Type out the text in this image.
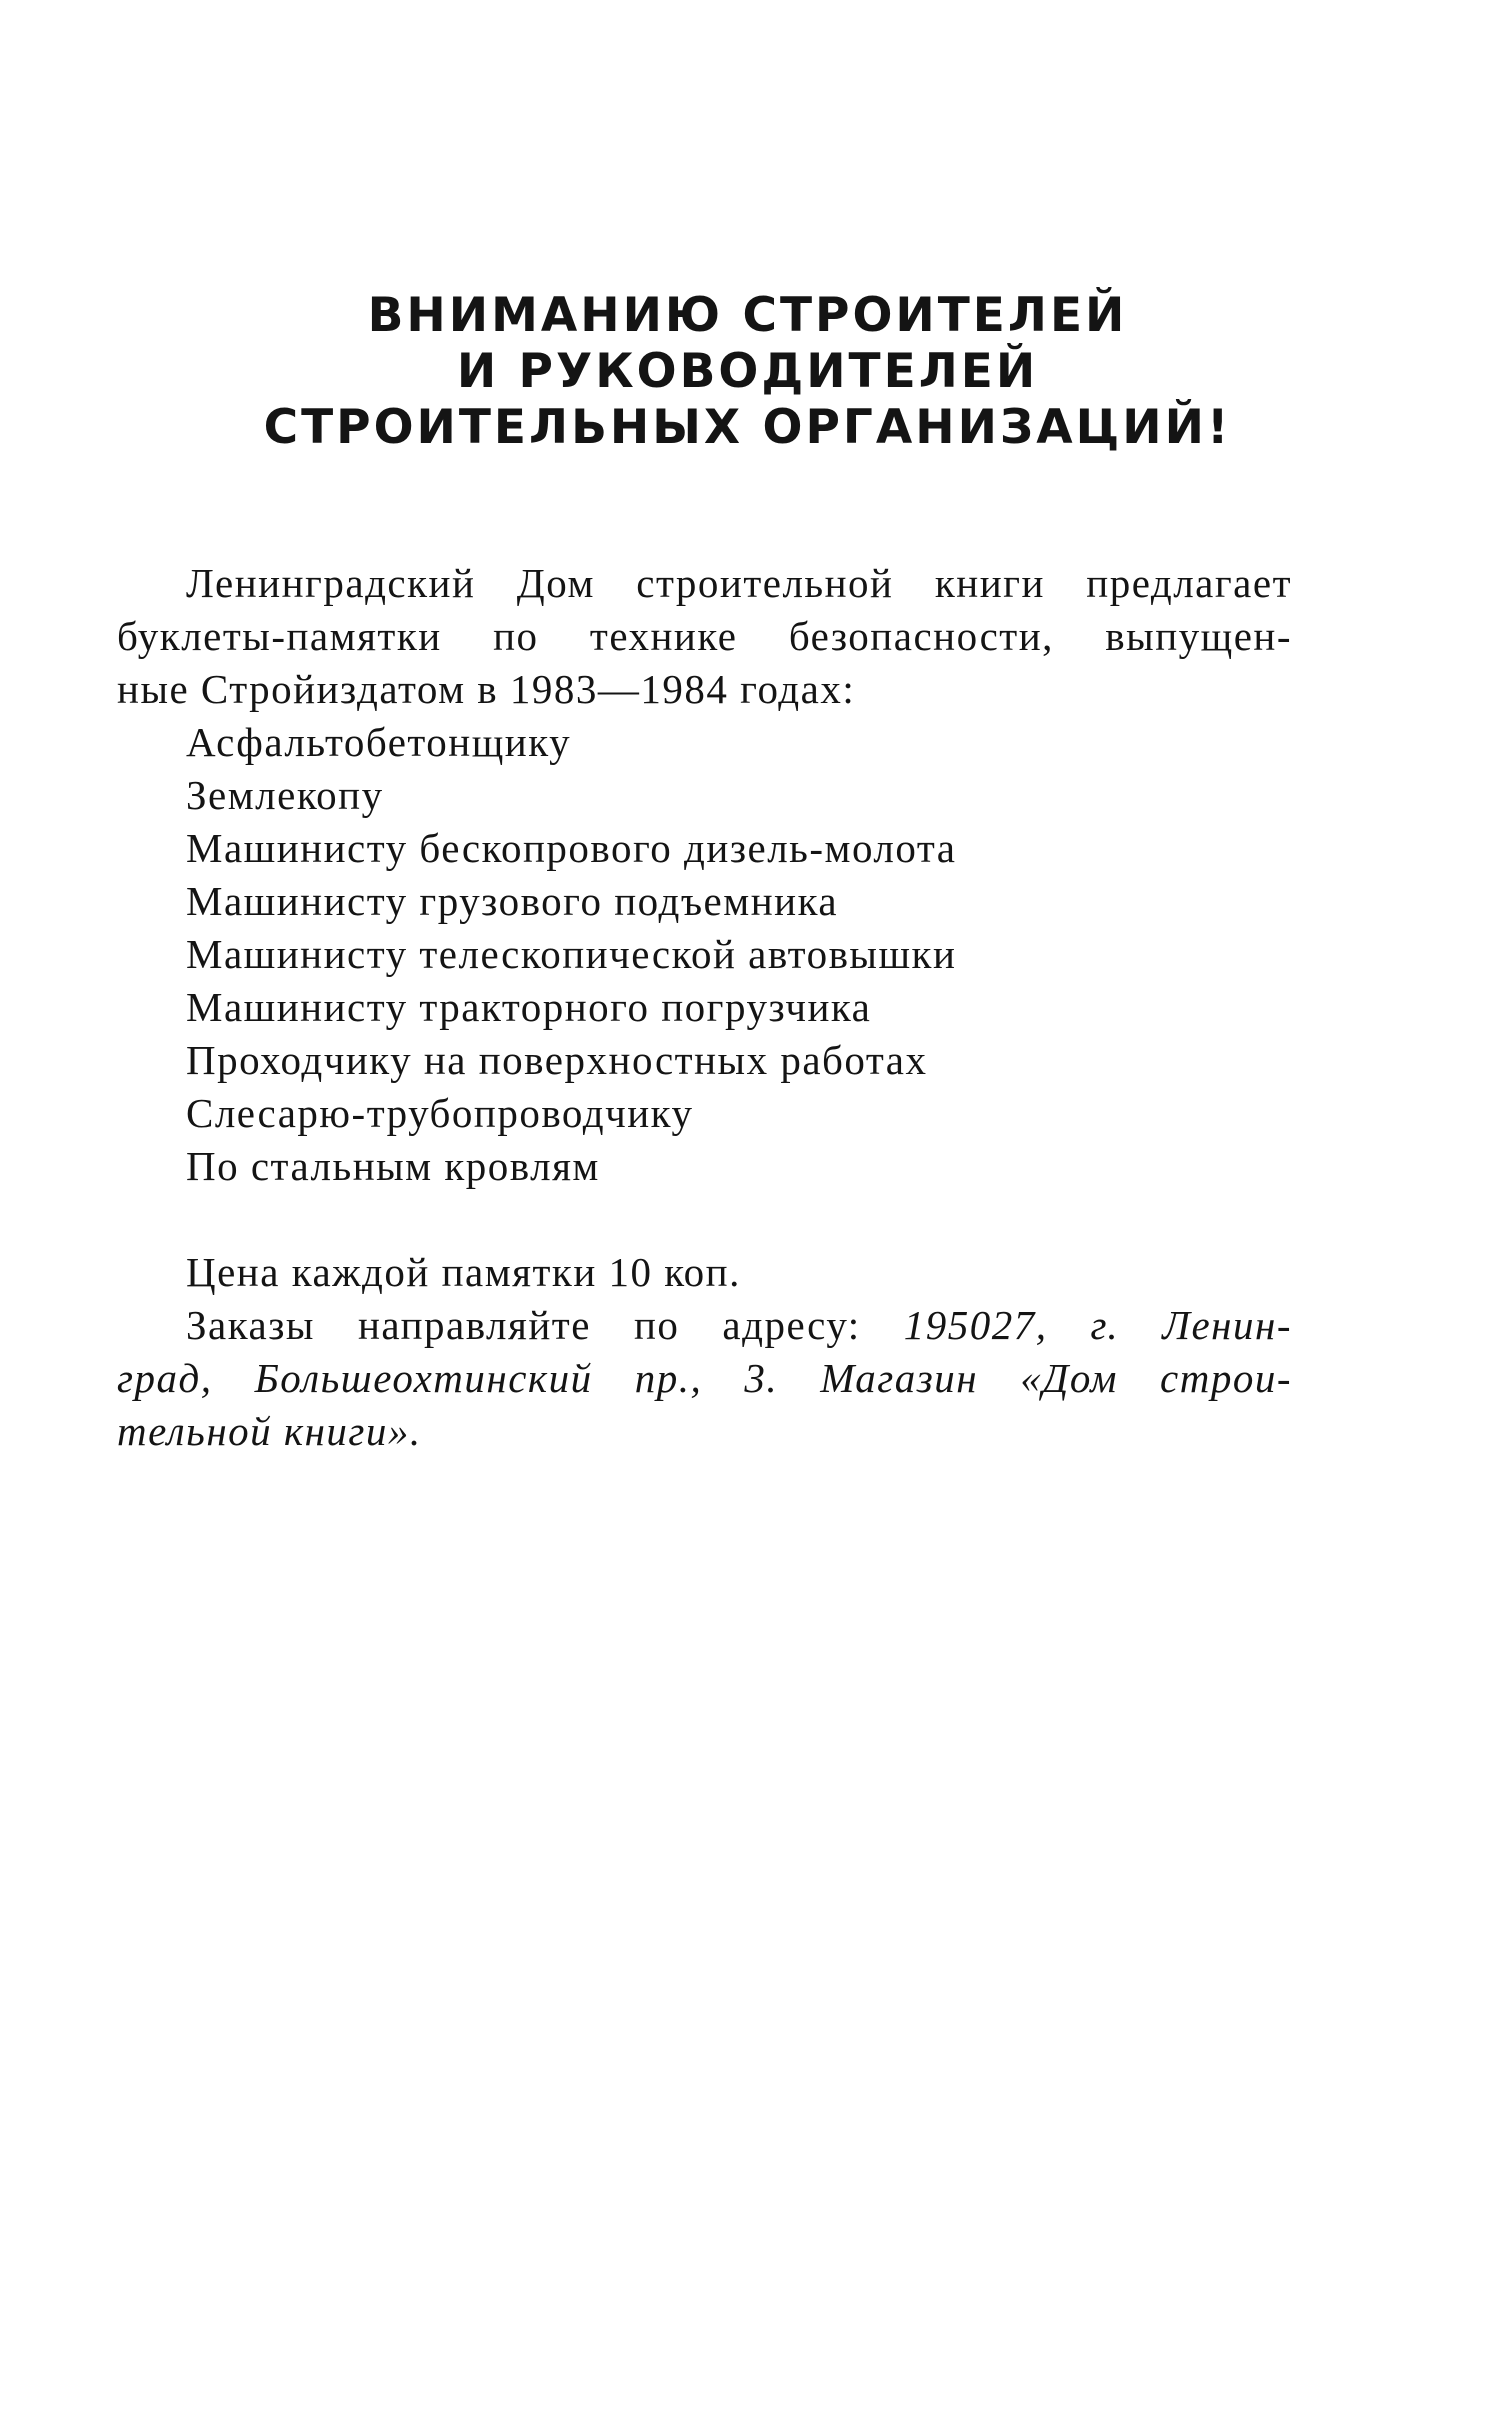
ВНИМАНИЮ СТРОИТЕЛЕЙ
И РУКОВОДИТЕЛЕЙ
СТРОИТЕЛЬНЫХ ОРГАНИЗАЦИЙ!
Ленинградский Дом строительной книги предлагает
буклеты-памятки по технике безопасности, выпущен-
ные Стройиздатом в 1983—1984 годах:
Асфальтобетонщику
Землекопу
Машинисту бескопрового дизель-молота
Машинисту грузового подъемника
Машинисту телескопической автовышки
Машинисту тракторного погрузчика
Проходчику на поверхностных работах
Слесарю-трубопроводчику
По стальным кровлям
Цена каждой памятки 10 коп.
Заказы направляйте по адресу: 195027, г. Ленин-
град, Большеохтинский пр., 3. Магазин «Дом строи-
тельной книги».
